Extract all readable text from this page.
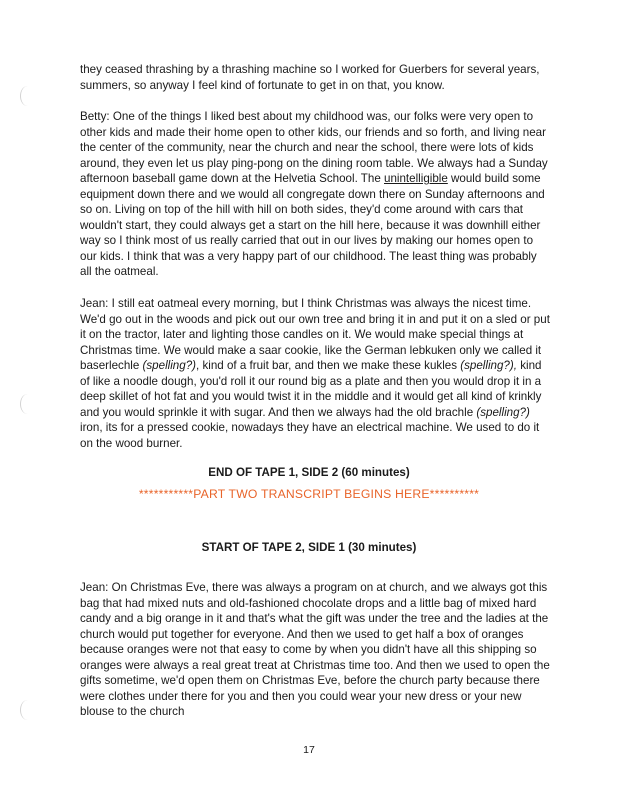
they ceased thrashing by a thrashing machine so I worked for Guerbers for several years, summers, so anyway I feel kind of fortunate to get in on that, you know.

Betty: One of the things I liked best about my childhood was, our folks were very open to other kids and made their home open to other kids, our friends and so forth, and living near the center of the community, near the church and near the school, there were lots of kids around, they even let us play ping-pong on the dining room table. We always had a Sunday afternoon baseball game down at the Helvetia School. The unintelligible would build some equipment down there and we would all congregate down there on Sunday afternoons and so on. Living on top of the hill with hill on both sides, they'd come around with cars that wouldn't start, they could always get a start on the hill here, because it was downhill either way so I think most of us really carried that out in our lives by making our homes open to our kids. I think that was a very happy part of our childhood. The least thing was probably all the oatmeal.

Jean: I still eat oatmeal every morning, but I think Christmas was always the nicest time. We'd go out in the woods and pick out our own tree and bring it in and put it on a sled or put it on the tractor, later and lighting those candles on it. We would make special things at Christmas time. We would make a saar cookie, like the German lebkuken only we called it baserlechle (spelling?), kind of a fruit bar, and then we make these kukles (spelling?), kind of like a noodle dough, you'd roll it our round big as a plate and then you would drop it in a deep skillet of hot fat and you would twist it in the middle and it would get all kind of krinkly and you would sprinkle it with sugar. And then we always had the old brachle (spelling?) iron, its for a pressed cookie, nowadays they have an electrical machine. We used to do it on the wood burner.

END OF TAPE 1, SIDE 2 (60 minutes)

***********PART TWO TRANSCRIPT BEGINS HERE**********

START OF TAPE 2, SIDE 1 (30 minutes)

Jean: On Christmas Eve, there was always a program on at church, and we always got this bag that had mixed nuts and old-fashioned chocolate drops and a little bag of mixed hard candy and a big orange in it and that's what the gift was under the tree and the ladies at the church would put together for everyone. And then we used to get half a box of oranges because oranges were not that easy to come by when you didn't have all this shipping so oranges were always a real great treat at Christmas time too. And then we used to open the gifts sometime, we'd open them on Christmas Eve, before the church party because there were clothes under there for you and then you could wear your new dress or your new blouse to the church

17
